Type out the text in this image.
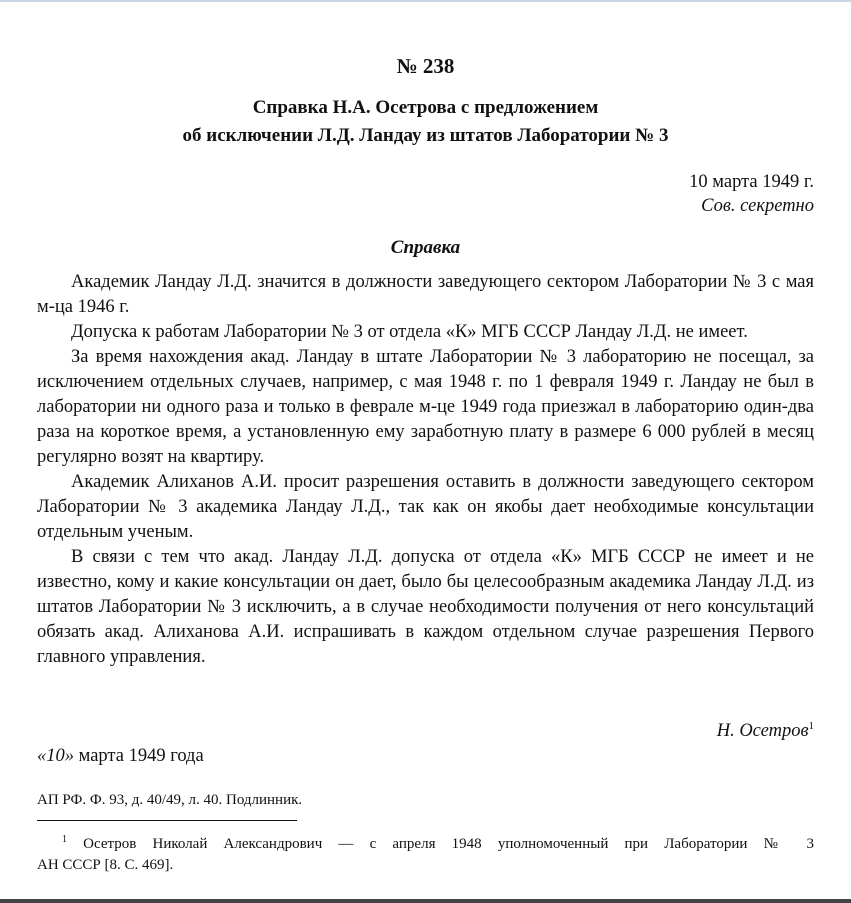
№ 238
Справка Н.А. Осетрова с предложением
об исключении Л.Д. Ландау из штатов Лаборатории № 3
10 марта 1949 г.
Сов. секретно
Справка

Академик Ландау Л.Д. значится в должности заведующего сектором Лаборатории № 3 с мая м-ца 1946 г.

Допуска к работам Лаборатории № 3 от отдела «К» МГБ СССР Ландау Л.Д. не имеет.

За время нахождения акад. Ландау в штате Лаборатории № 3 лабораторию не посещал, за исключением отдельных случаев, например, с мая 1948 г. по 1 февраля 1949 г. Ландау не был в лаборатории ни одного раза и только в феврале м-це 1949 года приезжал в лабораторию один-два раза на короткое время, а установленную ему заработную плату в размере 6 000 рублей в месяц регулярно возят на квартиру.

Академик Алиханов А.И. просит разрешения оставить в должности заведующего сектором Лаборатории № 3 академика Ландау Л.Д., так как он якобы дает необходимые консультации отдельным ученым.

В связи с тем что акад. Ландау Л.Д. допуска от отдела «К» МГБ СССР не имеет и не известно, кому и какие консультации он дает, было бы целесообразным академика Ландау Л.Д. из штатов Лаборатории № 3 исключить, а в случае необходимости получения от него консультаций обязать акад. Алиханова А.И. испрашивать в каждом отдельном случае разрешения Первого главного управления.

Н. Осетров$^1$
«10» марта 1949 года
АП РФ. Ф. 93, д. 40/49, л. 40. Подлинник.
$^1$ Осетров Николай Александрович — с апреля 1948 уполномоченный при Лаборатории № 3
АН СССР [8. С. 469].
